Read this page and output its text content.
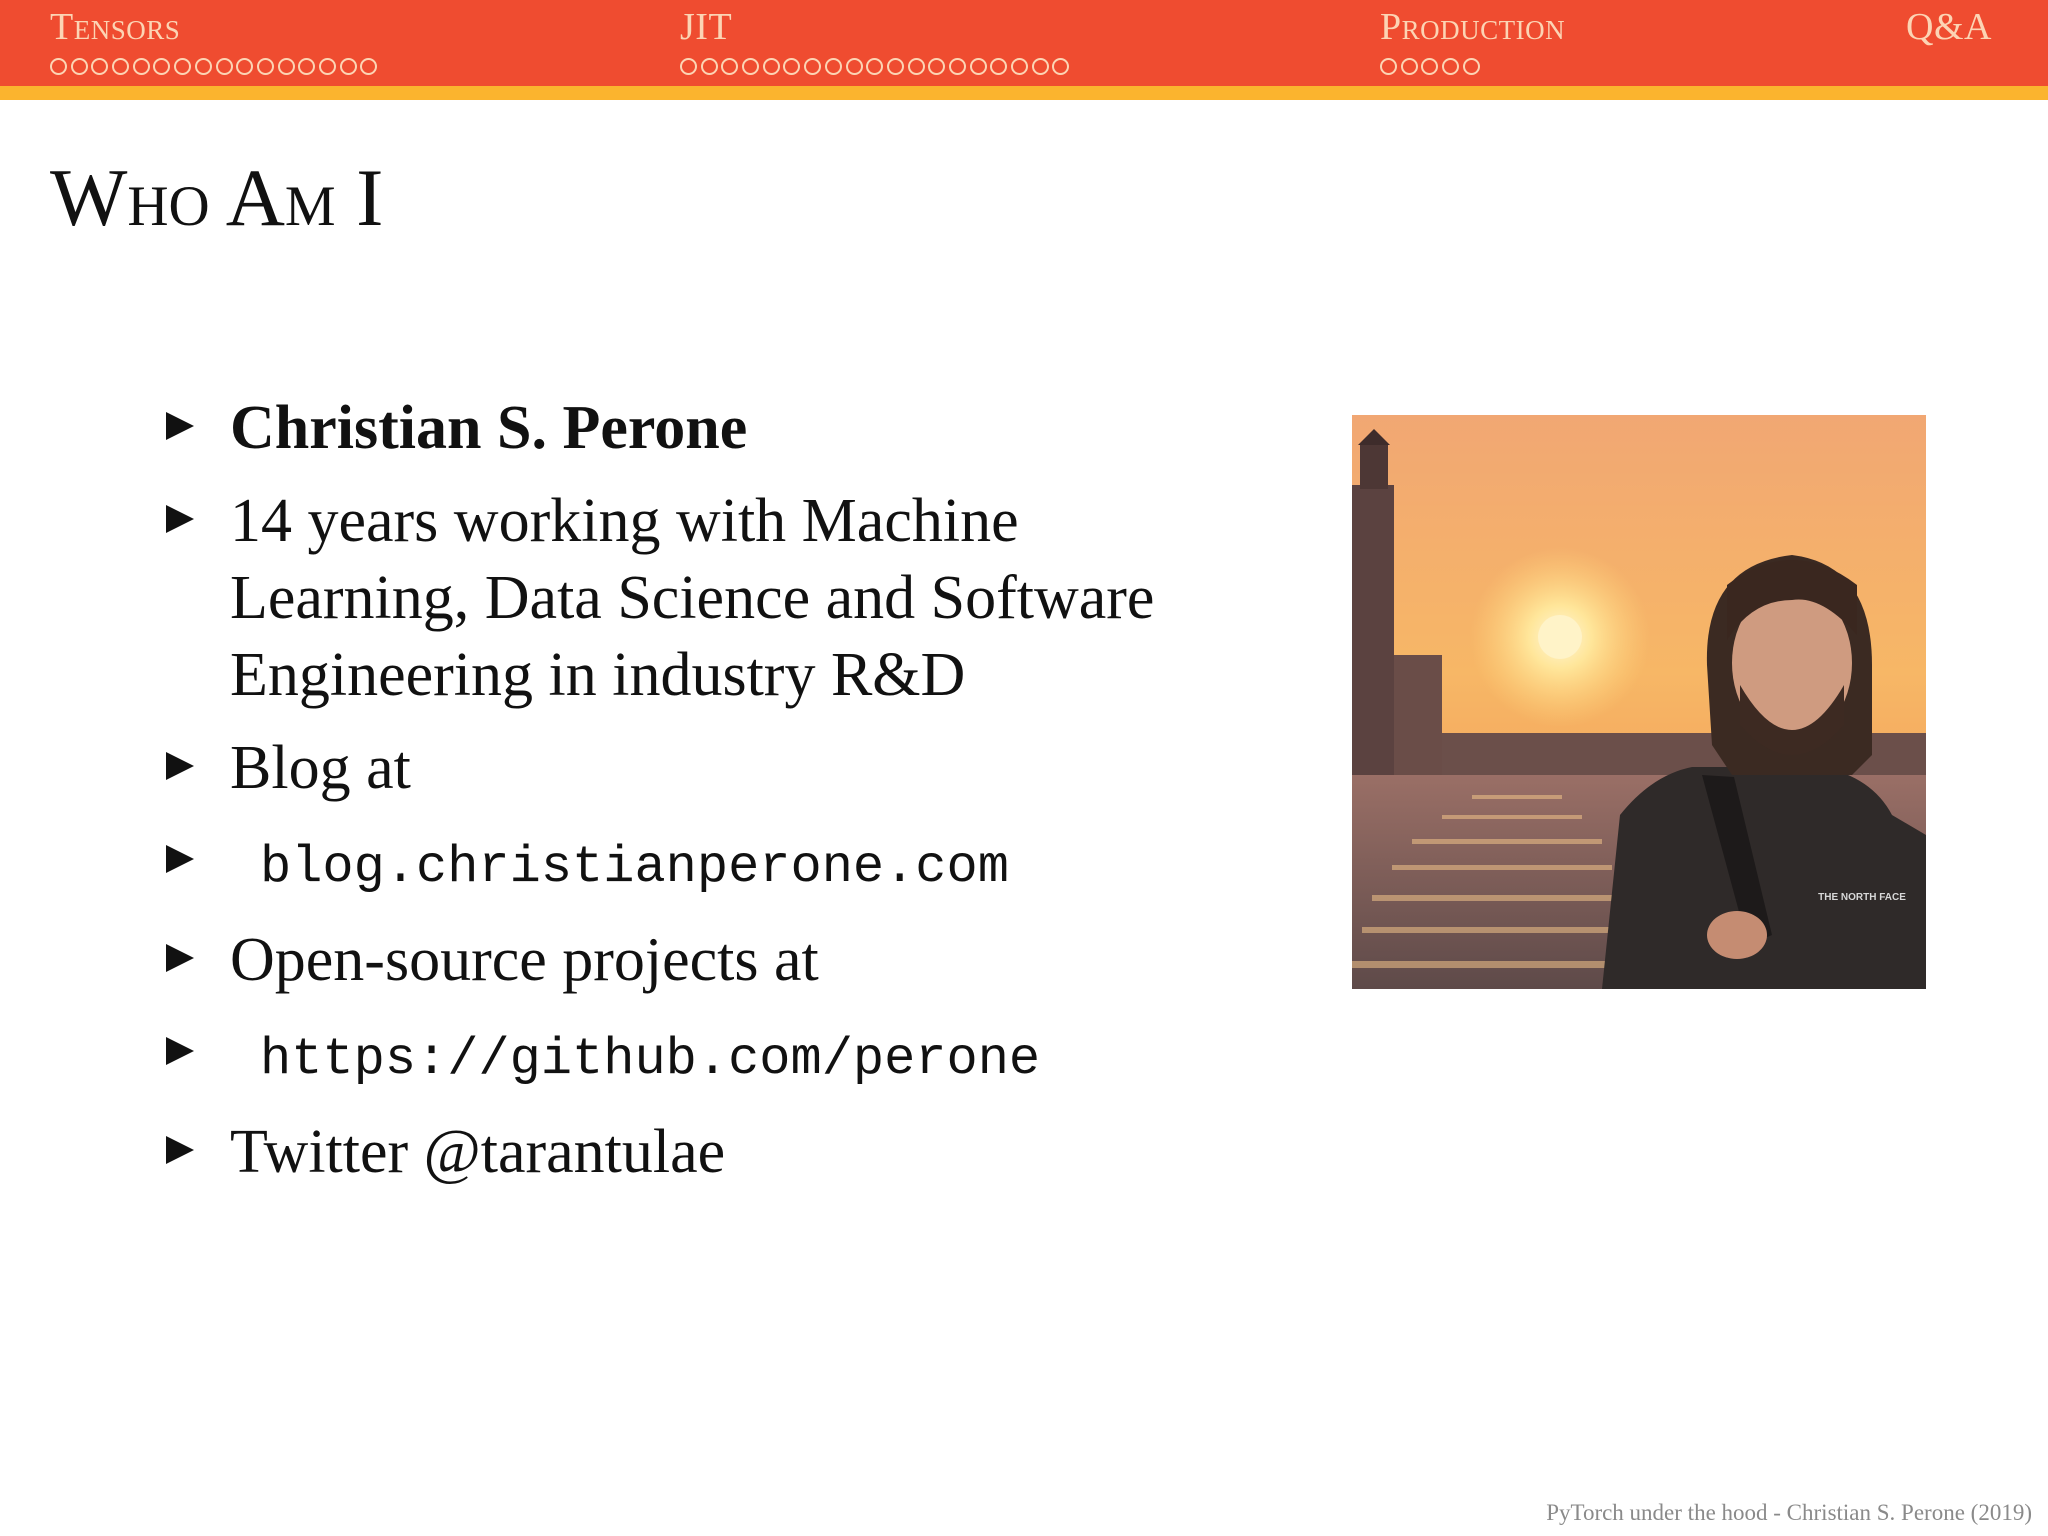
Tensors	JIT	Production	Q&A
Who Am I
Christian S. Perone
14 years working with Machine
Learning, Data Science and Software
Engineering in industry R&D
Blog at
blog.christianperone.com
Open-source projects at
https://github.com/perone
Twitter @tarantulae
THE NORTH FACE
PyTorch under the hood - Christian S. Perone (2019)
